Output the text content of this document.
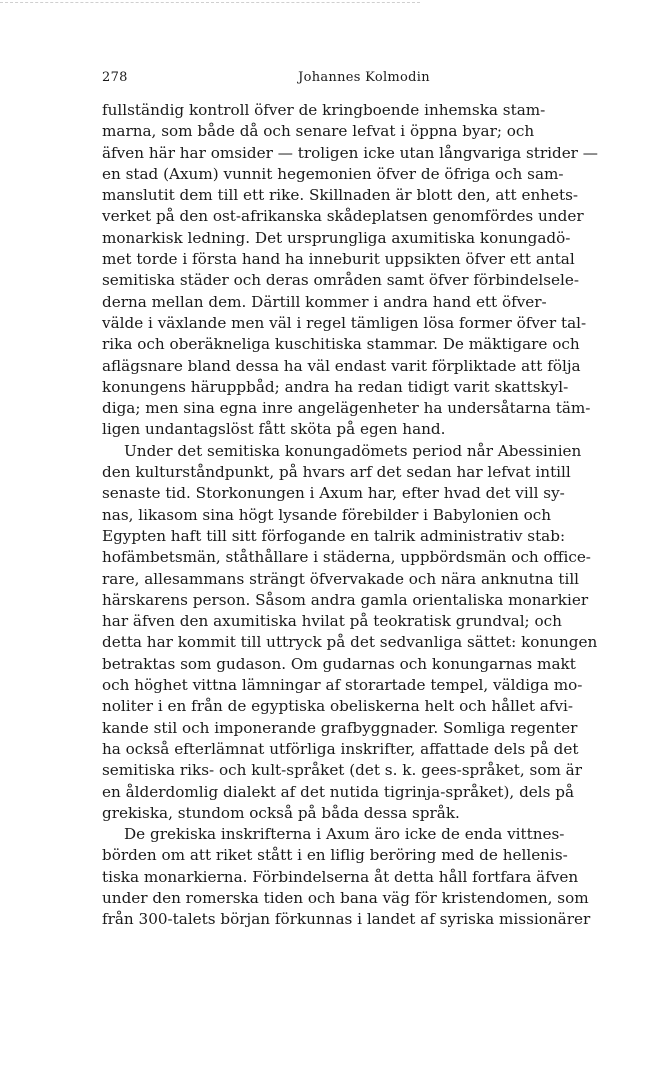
278	Johannes Kolmodin
fullständig kontroll öfver de kringboende inhemska stam-
marna, som både då och senare lefvat i öppna byar; och
äfven här har omsider — troligen icke utan långvariga strider —
en stad (Axum) vunnit hegemonien öfver de öfriga och sam-
manslutit dem till ett rike. Skillnaden är blott den, att enhets-
verket på den ost-afrikanska skådeplatsen genomfördes under
monarkisk ledning. Det ursprungliga axumitiska konungadö-
met torde i första hand ha inneburit uppsikten öfver ett antal
semitiska städer och deras områden samt öfver förbindelsele-
derna mellan dem. Därtill kommer i andra hand ett öfver-
välde i växlande men väl i regel tämligen lösa former öfver tal-
rika och oberäkneliga kuschitiska stammar. De mäktigare och
aflägsnare bland dessa ha väl endast varit förpliktade att följa
konungens häruppbåd; andra ha redan tidigt varit skattskyl-
diga; men sina egna inre angelägenheter ha undersåtarna täm-
ligen undantagslöst fått sköta på egen hand.
Under det semitiska konungadömets period når Abessinien
den kulturståndpunkt, på hvars arf det sedan har lefvat intill
senaste tid. Storkonungen i Axum har, efter hvad det vill sy-
nas, likasom sina högt lysande förebilder i Babylonien och
Egypten haft till sitt förfogande en talrik administrativ stab:
hofämbetsmän, ståthållare i städerna, uppbördsmän och office-
rare, allesammans strängt öfvervakade och nära anknutna till
härskarens person. Såsom andra gamla orientaliska monarkier
har äfven den axumitiska hvilat på teokratisk grundval; och
detta har kommit till uttryck på det sedvanliga sättet: konungen
betraktas som gudason. Om gudarnas och konungarnas makt
och höghet vittna lämningar af storartade tempel, väldiga mo-
noliter i en från de egyptiska obeliskerna helt och hållet afvi-
kande stil och imponerande grafbyggnader. Somliga regenter
ha också efterlämnat utförliga inskrifter, affattade dels på det
semitiska riks- och kult-språket (det s. k. gees-språket, som är
en ålderdomlig dialekt af det nutida tigrinja-språket), dels på
grekiska, stundom också på båda dessa språk.
De grekiska inskrifterna i Axum äro icke de enda vittnes-
börden om att riket stått i en liflig beröring med de hellenis-
tiska monarkierna. Förbindelserna åt detta håll fortfara äfven
under den romerska tiden och bana väg för kristendomen, som
från 300-talets början förkunnas i landet af syriska missionärer
